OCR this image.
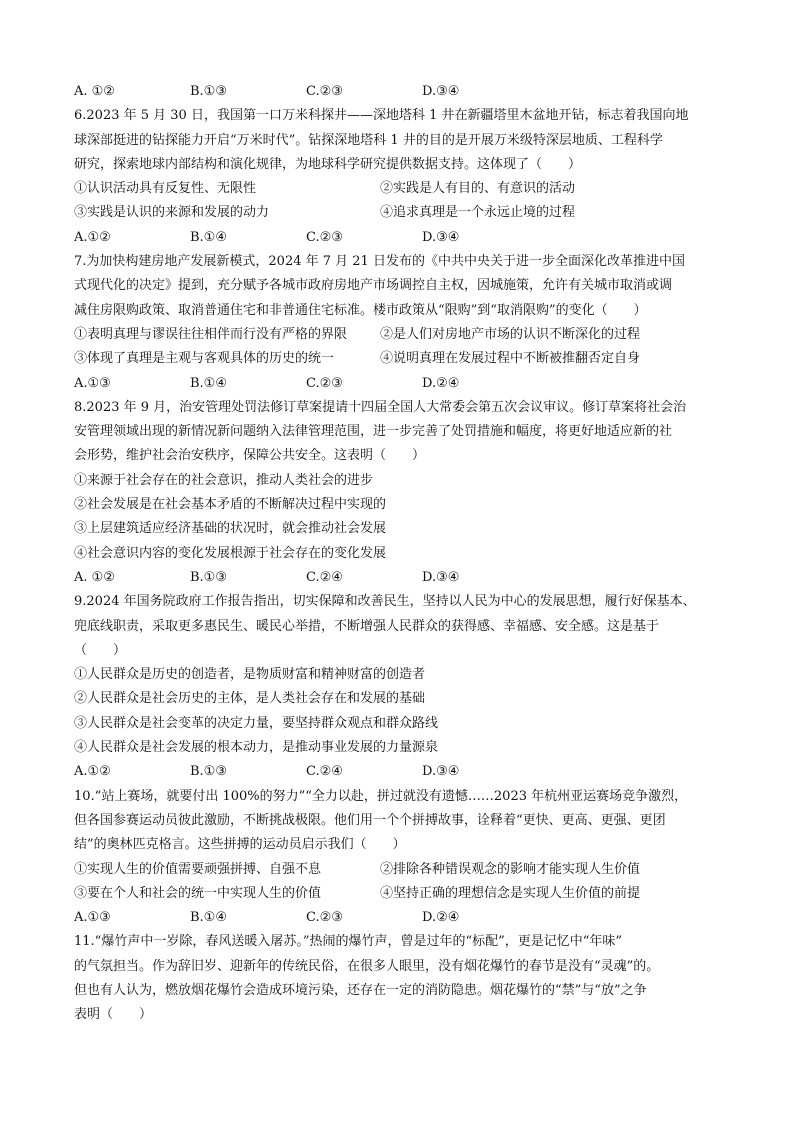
A. ①②	B.①③	C.②③	D.③④
6.2023 年 5 月 30 日，我国第一口万米科探井——深地塔科 1 井在新疆塔里木盆地开钻，标志着我国向地
球深部挺进的钻探能力开启“万米时代”。钻探深地塔科 1 井的目的是开展万米级特深层地质、工程科学
研究，探索地球内部结构和演化规律，为地球科学研究提供数据支持。这体现了（　　）
①认识活动具有反复性、无限性	②实践是人有目的、有意识的活动
③实践是认识的来源和发展的动力	④追求真理是一个永远止境的过程
A.①②	B.①④	C.②③	D.③④
7.为加快构建房地产发展新模式，2024 年 7 月 21 日发布的《中共中央关于进一步全面深化改革推进中国
式现代化的决定》提到，充分赋予各城市政府房地产市场调控自主权，因城施策，允许有关城市取消或调
减住房限购政策、取消普通住宅和非普通住宅标准。楼市政策从“限购”到“取消限购”的变化（　　）
①表明真理与谬误往往相伴而行没有严格的界限	②是人们对房地产市场的认识不断深化的过程
③体现了真理是主观与客观具体的历史的统一	④说明真理在发展过程中不断被推翻否定自身
A.①③	B.①④	C.②③	D.②④
8.2023 年 9 月，治安管理处罚法修订草案提请十四届全国人大常委会第五次会议审议。修订草案将社会治
安管理领域出现的新情况新问题纳入法律管理范围，进一步完善了处罚措施和幅度，将更好地适应新的社
会形势，维护社会治安秩序，保障公共安全。这表明（　　）
①来源于社会存在的社会意识，推动人类社会的进步
②社会发展是在社会基本矛盾的不断解决过程中实现的
③上层建筑适应经济基础的状况时，就会推动社会发展
④社会意识内容的变化发展根源于社会存在的变化发展
A. ①②	B.①③	C.②④	D.③④
9.2024 年国务院政府工作报告指出，切实保障和改善民生，坚持以人民为中心的发展思想，履行好保基本、
兜底线职责，采取更多惠民生、暖民心举措，不断增强人民群众的获得感、幸福感、安全感。这是基于
（　　）
①人民群众是历史的创造者，是物质财富和精神财富的创造者
②人民群众是社会历史的主体，是人类社会存在和发展的基础
③人民群众是社会变革的决定力量，要坚持群众观点和群众路线
④人民群众是社会发展的根本动力，是推动事业发展的力量源泉
A.①②	B.①③	C.②④	D.③④
10.“站上赛场，就要付出 100%的努力”“全力以赴，拼过就没有遗憾……2023 年杭州亚运赛场竞争激烈，
但各国参赛运动员彼此激励，不断挑战极限。他们用一个个拼搏故事，诠释着“更快、更高、更强、更团
结”的奥林匹克格言。这些拼搏的运动员启示我们（　　）
①实现人生的价值需要顽强拼搏、自强不息	②排除各种错误观念的影响才能实现人生价值
③要在个人和社会的统一中实现人生的价值	④坚持正确的理想信念是实现人生价值的前提
A.①③	B.①④	C.②③	D.②④
11.“爆竹声中一岁除，春风送暖入屠苏。”热闹的爆竹声，曾是过年的“标配”，更是记忆中“年味”
的气氛担当。作为辞旧岁、迎新年的传统民俗，在很多人眼里，没有烟花爆竹的春节是没有“灵魂”的。
但也有人认为，燃放烟花爆竹会造成环境污染，还存在一定的消防隐患。烟花爆竹的“禁”与“放”之争
表明（　　）
